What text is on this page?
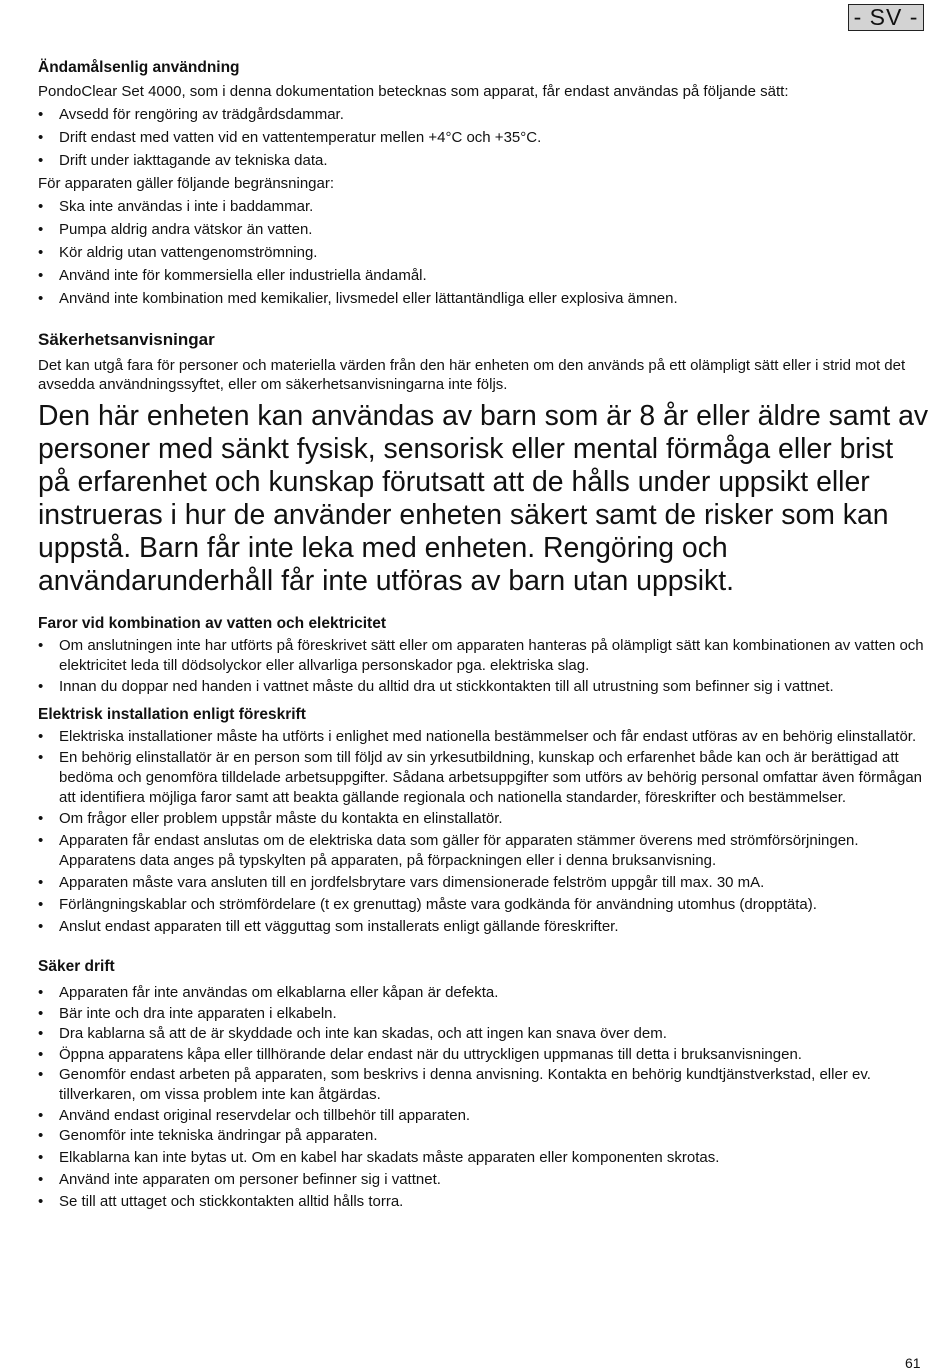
- SV -
Ändamålsenlig användning

PondoClear Set 4000, som i denna dokumentation betecknas som apparat, får endast användas på följande sätt:

• Avsedd för rengöring av trädgårdsdammar.
• Drift endast med vatten vid en vattentemperatur mellen +4°C och +35°C.
• Drift under iakttagande av tekniska data.

För apparaten gäller följande begränsningar:

• Ska inte användas i inte i baddammar.
• Pumpa aldrig andra vätskor än vatten.
• Kör aldrig utan vattengenomströmning.
• Använd inte för kommersiella eller industriella ändamål.
• Använd inte kombination med kemikalier, livsmedel eller lättantändliga eller explosiva ämnen.
Säkerhetsanvisningar

Det kan utgå fara för personer och materiella värden från den här enheten om den används på ett olämpligt sätt eller i strid mot det avsedda användningssyftet, eller om säkerhetsanvisningarna inte följs.

Den här enheten kan användas av barn som är 8 år eller äldre samt av personer med sänkt fysisk, sensorisk eller mental förmåga eller brist på erfarenhet och kunskap förutsatt att de hålls under uppsikt eller instrueras i hur de använder enheten säkert samt de risker som kan uppstå. Barn får inte leka med enheten. Rengöring och användarunderhåll får inte utföras av barn utan uppsikt.

Faror vid kombination av vatten och elektricitet
• Om anslutningen inte har utförts på föreskrivet sätt eller om apparaten hanteras på olämpligt sätt kan kombinationen av vatten och elektricitet leda till dödsolyckor eller allvarliga personskador pga. elektriska slag.
• Innan du doppar ned handen i vattnet måste du alltid dra ut stickkontakten till all utrustning som befinner sig i vattnet.
Elektrisk installation enligt föreskrift
• Elektriska installationer måste ha utförts i enlighet med nationella bestämmelser och får endast utföras av en behörig elinstallatör.
• En behörig elinstallatör är en person som till följd av sin yrkesutbildning, kunskap och erfarenhet både kan och är berättigad att bedöma och genomföra tilldelade arbetsuppgifter. Sådana arbetsuppgifter som utförs av behörig personal omfattar även förmågan att identifiera möjliga faror samt att beakta gällande regionala och nationella standarder, föreskrifter och bestämmelser.
• Om frågor eller problem uppstår måste du kontakta en elinstallatör.
• Apparaten får endast anslutas om de elektriska data som gäller för apparaten stämmer överens med strömförsörjningen. Apparatens data anges på typskylten på apparaten, på förpackningen eller i denna bruksanvisning.
• Apparaten måste vara ansluten till en jordfelsbrytare vars dimensionerade felström uppgår till max. 30 mA.
• Förlängningskablar och strömfördelare (t ex grenuttag) måste vara godkända för användning utomhus (dropptäta).
• Anslut endast apparaten till ett vägguttag som installerats enligt gällande föreskrifter.
Säker drift
• Apparaten får inte användas om elkablarna eller kåpan är defekta.
• Bär inte och dra inte apparaten i elkabeln.
• Dra kablarna så att de är skyddade och inte kan skadas, och att ingen kan snava över dem.
• Öppna apparatens kåpa eller tillhörande delar endast när du uttryckligen uppmanas till detta i bruksanvisningen.
• Genomför endast arbeten på apparaten, som beskrivs i denna anvisning. Kontakta en behörig kundtjänstverkstad, eller ev. tillverkaren, om vissa problem inte kan åtgärdas.
• Använd endast original reservdelar och tillbehör till apparaten.
• Genomför inte tekniska ändringar på apparaten.
• Elkablarna kan inte bytas ut. Om en kabel har skadats måste apparaten eller komponenten skrotas.
• Använd inte apparaten om personer befinner sig i vattnet.
• Se till att uttaget och stickkontakten alltid hålls torra.
61
